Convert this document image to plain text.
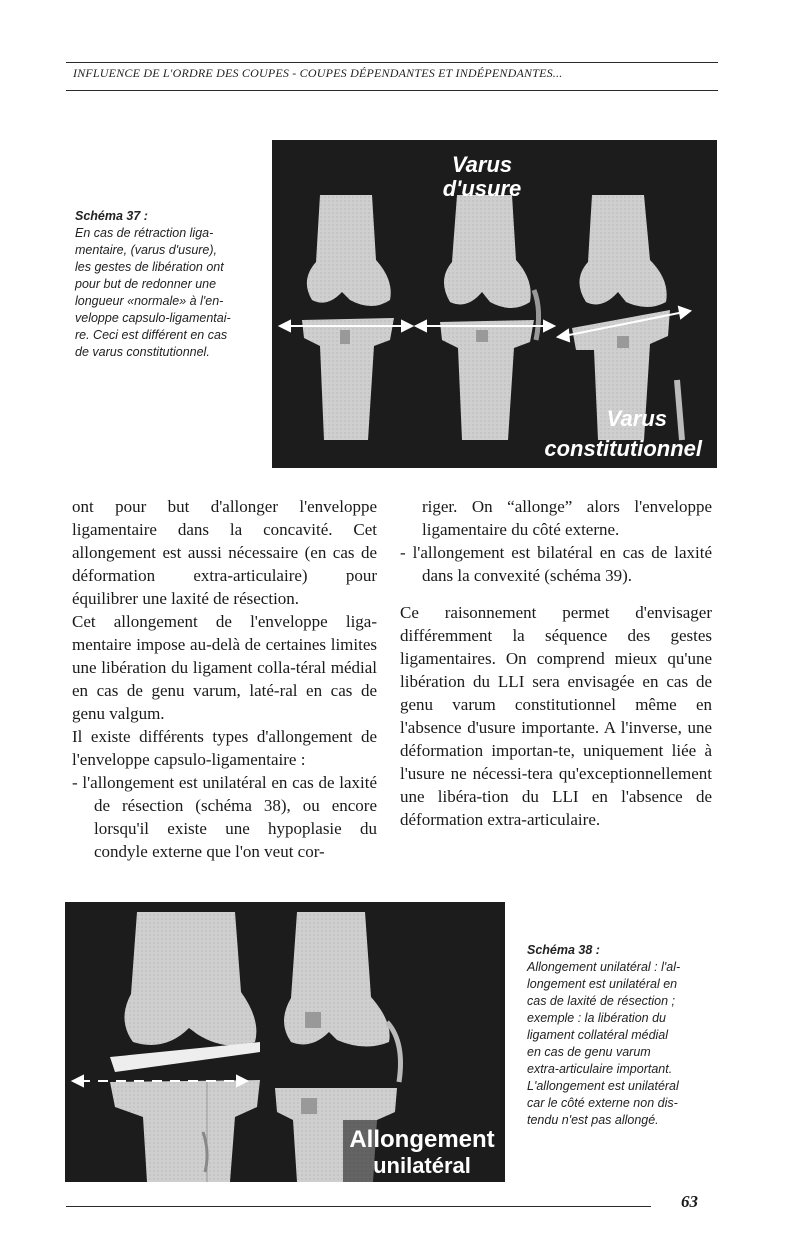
INFLUENCE DE L'ORDRE DES COUPES - COUPES DÉPENDANTES ET INDÉPENDANTES...
Schéma 37 :
En cas de rétraction liga-
mentaire, (varus d'usure),
les gestes de libération ont
pour but de redonner une
longueur «normale» à l'en-
veloppe capsulo-ligamentai-
re. Ceci est différent en cas
de varus constitutionnel.
Varus
d'usure
Varus
constitutionnel

ont pour but d'allonger l'enveloppe ligamentaire dans la concavité. Cet allongement est aussi nécessaire (en cas de déformation extra-articulaire) pour équilibrer une laxité de résection.

Cet allongement de l'enveloppe liga-mentaire impose au-delà de certaines limites une libération du ligament colla-téral médial en cas de genu varum, laté-ral en cas de genu valgum.

Il existe différents types d'allongement de l'enveloppe capsulo-ligamentaire :

- l'allongement est unilatéral en cas de laxité de résection (schéma 38), ou encore lorsqu'il existe une hypoplasie du condyle externe que l'on veut cor-

riger. On “allonge” alors l'enveloppe ligamentaire du côté externe.

- l'allongement est bilatéral en cas de laxité dans la convexité (schéma 39).

Ce raisonnement permet d'envisager différemment la séquence des gestes ligamentaires. On comprend mieux qu'une libération du LLI sera envisagée en cas de genu varum constitutionnel même en l'absence d'usure importante. A l'inverse, une déformation importan-te, uniquement liée à l'usure ne nécessi-tera qu'exceptionnellement une libéra-tion du LLI en l'absence de déformation extra-articulaire.

Allongement
unilatéral
Schéma 38 :
Allongement unilatéral : l'al-
longement est unilatéral en
cas de laxité de résection ;
exemple : la libération du
ligament collatéral médial
en cas de genu varum
extra-articulaire important.
L'allongement est unilatéral
car le côté externe non dis-
tendu n'est pas allongé.
63
